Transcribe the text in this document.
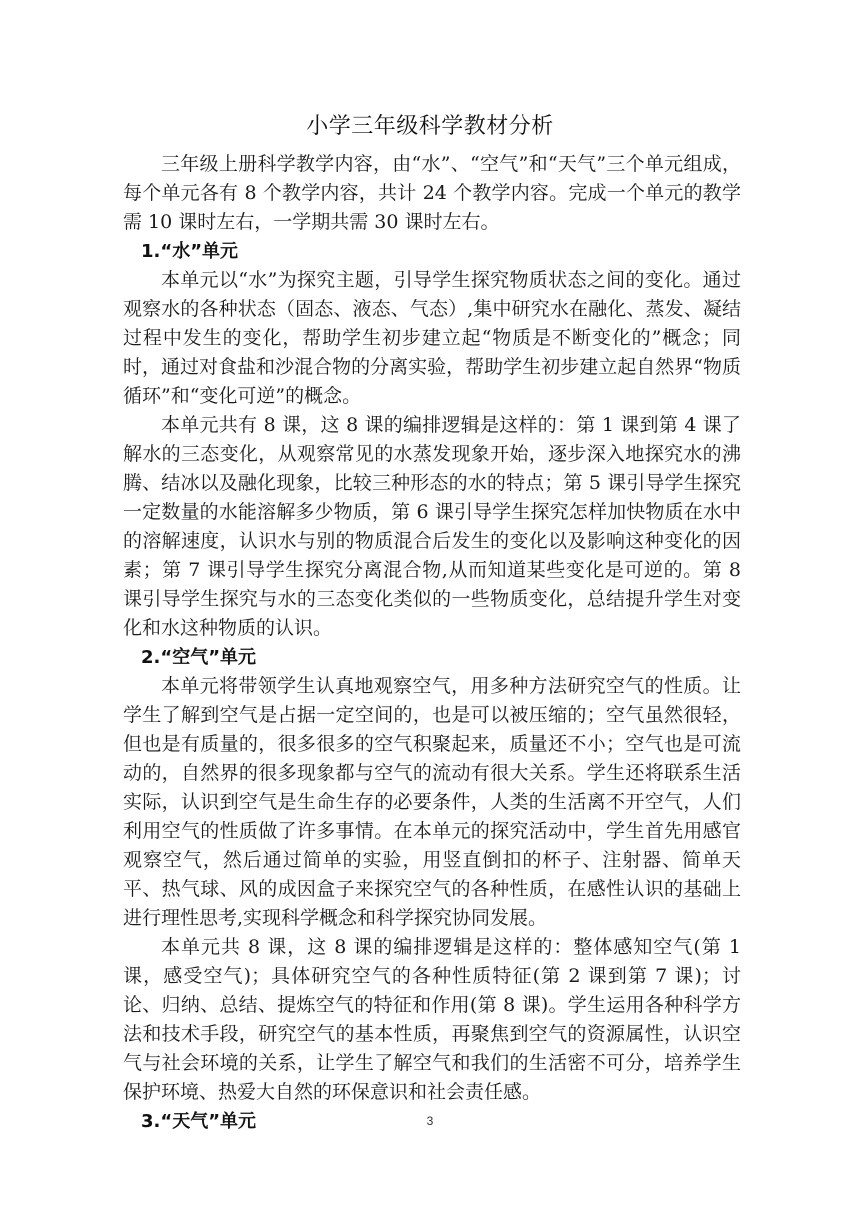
小学三年级科学教材分析

三年级上册科学教学内容，由“水”、“空气”和“天气”三个单元组成，每个单元各有 8 个教学内容，共计 24 个教学内容。完成一个单元的教学需 10 课时左右，一学期共需 30 课时左右。

1.“水”单元

本单元以“水”为探究主题，引导学生探究物质状态之间的变化。通过观察水的各种状态（固态、液态、气态）,集中研究水在融化、蒸发、凝结过程中发生的变化，帮助学生初步建立起“物质是不断变化的”概念；同时，通过对食盐和沙混合物的分离实验，帮助学生初步建立起自然界“物质循环”和“变化可逆”的概念。

本单元共有 8 课，这 8 课的编排逻辑是这样的：第 1 课到第 4 课了解水的三态变化，从观察常见的水蒸发现象开始，逐步深入地探究水的沸腾、结冰以及融化现象，比较三种形态的水的特点；第 5 课引导学生探究一定数量的水能溶解多少物质，第 6 课引导学生探究怎样加快物质在水中的溶解速度，认识水与别的物质混合后发生的变化以及影响这种变化的因素；第 7 课引导学生探究分离混合物,从而知道某些变化是可逆的。第 8 课引导学生探究与水的三态变化类似的一些物质变化，总结提升学生对变化和水这种物质的认识。

2.“空气”单元

本单元将带领学生认真地观察空气，用多种方法研究空气的性质。让学生了解到空气是占据一定空间的，也是可以被压缩的；空气虽然很轻，但也是有质量的，很多很多的空气积聚起来，质量还不小；空气也是可流动的，自然界的很多现象都与空气的流动有很大关系。学生还将联系生活实际，认识到空气是生命生存的必要条件，人类的生活离不开空气，人们利用空气的性质做了许多事情。在本单元的探究活动中，学生首先用感官观察空气，然后通过简单的实验，用竖直倒扣的杯子、注射器、简单天平、热气球、风的成因盒子来探究空气的各种性质，在感性认识的基础上进行理性思考,实现科学概念和科学探究协同发展。

本单元共 8 课，这 8 课的编排逻辑是这样的：整体感知空气(第 1 课，感受空气)；具体研究空气的各种性质特征(第 2 课到第 7 课)；讨论、归纳、总结、提炼空气的特征和作用(第 8 课)。学生运用各种科学方法和技术手段，研究空气的基本性质，再聚焦到空气的资源属性，认识空气与社会环境的关系，让学生了解空气和我们的生活密不可分，培养学生保护环境、热爱大自然的环保意识和社会责任感。

3.“天气”单元	3
